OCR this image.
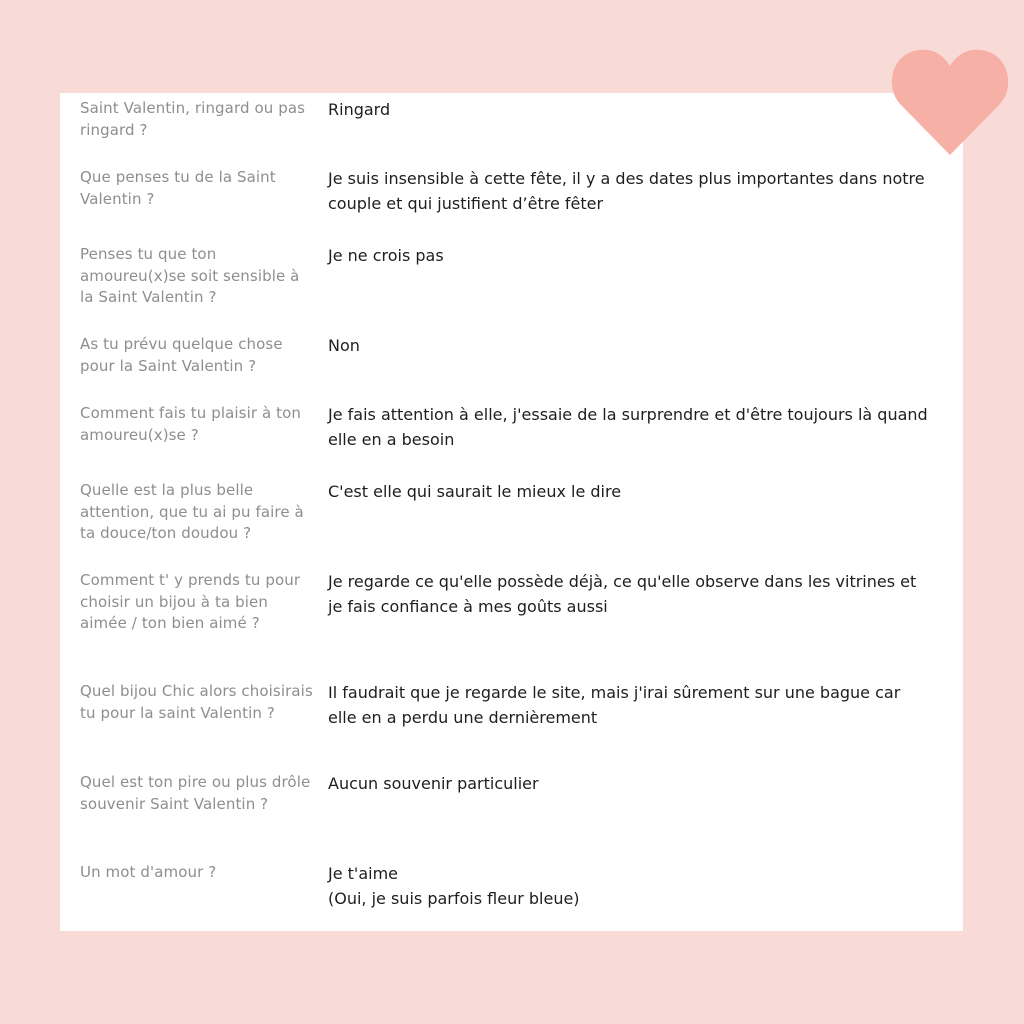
Saint Valentin, ringard ou pas ringard ?
Ringard
Que penses tu de la Saint Valentin ?
Je suis insensible à cette fête, il y a des dates plus importantes dans notre couple et qui justifient d’être fêter
Penses tu que ton amoureu(x)se soit sensible à la Saint Valentin ?
Je ne crois pas
As tu prévu quelque chose pour la Saint Valentin ?
Non
Comment fais tu plaisir à ton amoureu(x)se ?
Je fais attention à elle, j'essaie de la surprendre et d'être toujours là quand elle en a besoin
Quelle est la plus belle attention, que tu ai pu faire à ta douce/ton doudou ?
C'est elle qui saurait le mieux le dire
Comment t' y prends tu pour choisir un bijou à ta bien aimée / ton bien aimé ?
Je regarde ce qu'elle possède déjà, ce qu'elle observe dans les vitrines et je fais confiance à mes goûts aussi
Quel bijou Chic alors choisirais tu pour la saint Valentin ?
Il faudrait que je regarde le site, mais j'irai sûrement sur une bague car elle en a perdu une dernièrement
Quel est ton pire ou plus drôle souvenir Saint Valentin ?
Aucun souvenir particulier
Un mot d'amour ?	Je t'aime
(Oui, je suis parfois fleur bleue)
